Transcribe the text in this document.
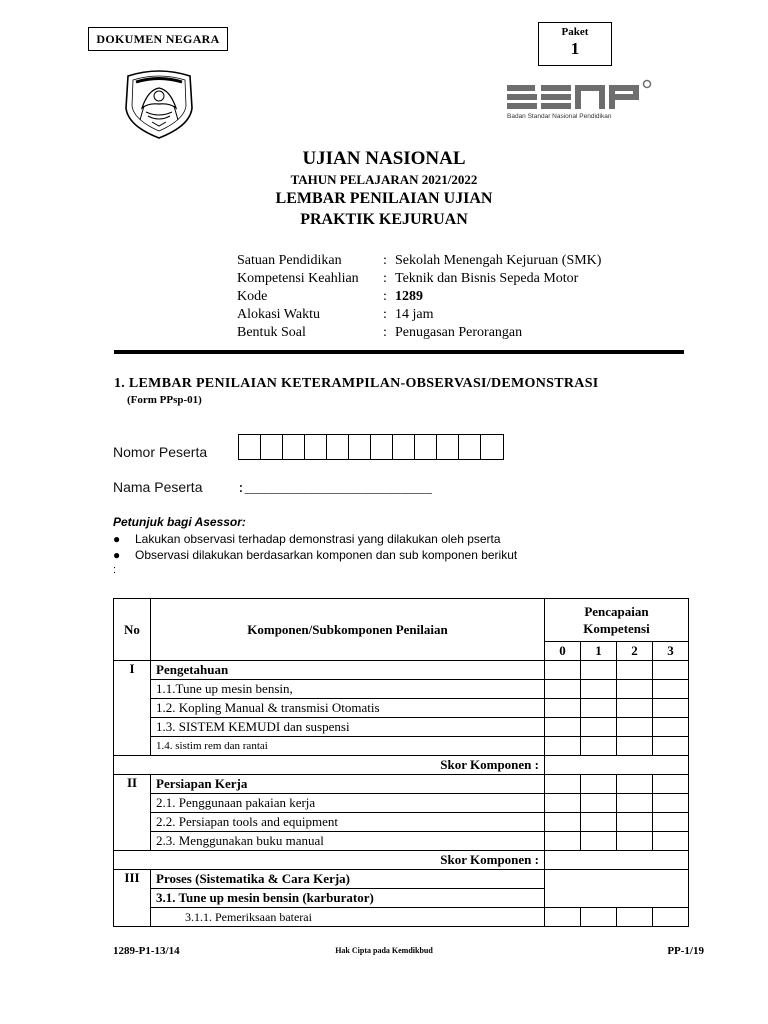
DOKUMEN NEGARA	Paket
1
Badan Standar Nasional Pendidikan
UJIAN NASIONAL
TAHUN PELAJARAN 2021/2022
LEMBAR PENILAIAN UJIAN
PRAKTIK KEJURUAN
Satuan Pendidikan	: Sekolah Menengah Kejuruan (SMK)
Kompetensi Keahlian	: Teknik dan Bisnis Sepeda Motor
Kode	: 1289
Alokasi Waktu	: 14 jam
Bentuk Soal	: Penugasan Perorangan
1. LEMBAR PENILAIAN KETERAMPILAN-OBSERVASI/DEMONSTRASI
(Form PPsp-01)
Nomor Peserta
Nama Peserta	:________________________
Petunjuk bagi Asessor:
●	Lakukan observasi terhadap demonstrasi yang dilakukan oleh pserta
●	Observasi dilakukan berdasarkan komponen dan sub komponen berikut
:
No	Komponen/Subkomponen Penilaian	Pencapaian Kompetensi			
		0	1	2	3
I	Pengetahuan				
	1.1.Tune up mesin bensin,				
	1.2. Kopling Manual & transmisi Otomatis				
	1.3. SISTEM KEMUDI dan suspensi				
	1.4. sistim rem dan rantai				
Skor Komponen :					
II	Persiapan Kerja				
	2.1. Penggunaan pakaian kerja				
	2.2. Persiapan tools and equipment				
	2.3. Menggunakan buku manual				
Skor Komponen :					
III	Proses (Sistematika & Cara Kerja)				
	3.1. Tune up mesin bensin (karburator)				
	3.1.1. Pemeriksaan baterai				
1289-P1-13/14	Hak Cipta pada Kemdikbud	PP-1/19
